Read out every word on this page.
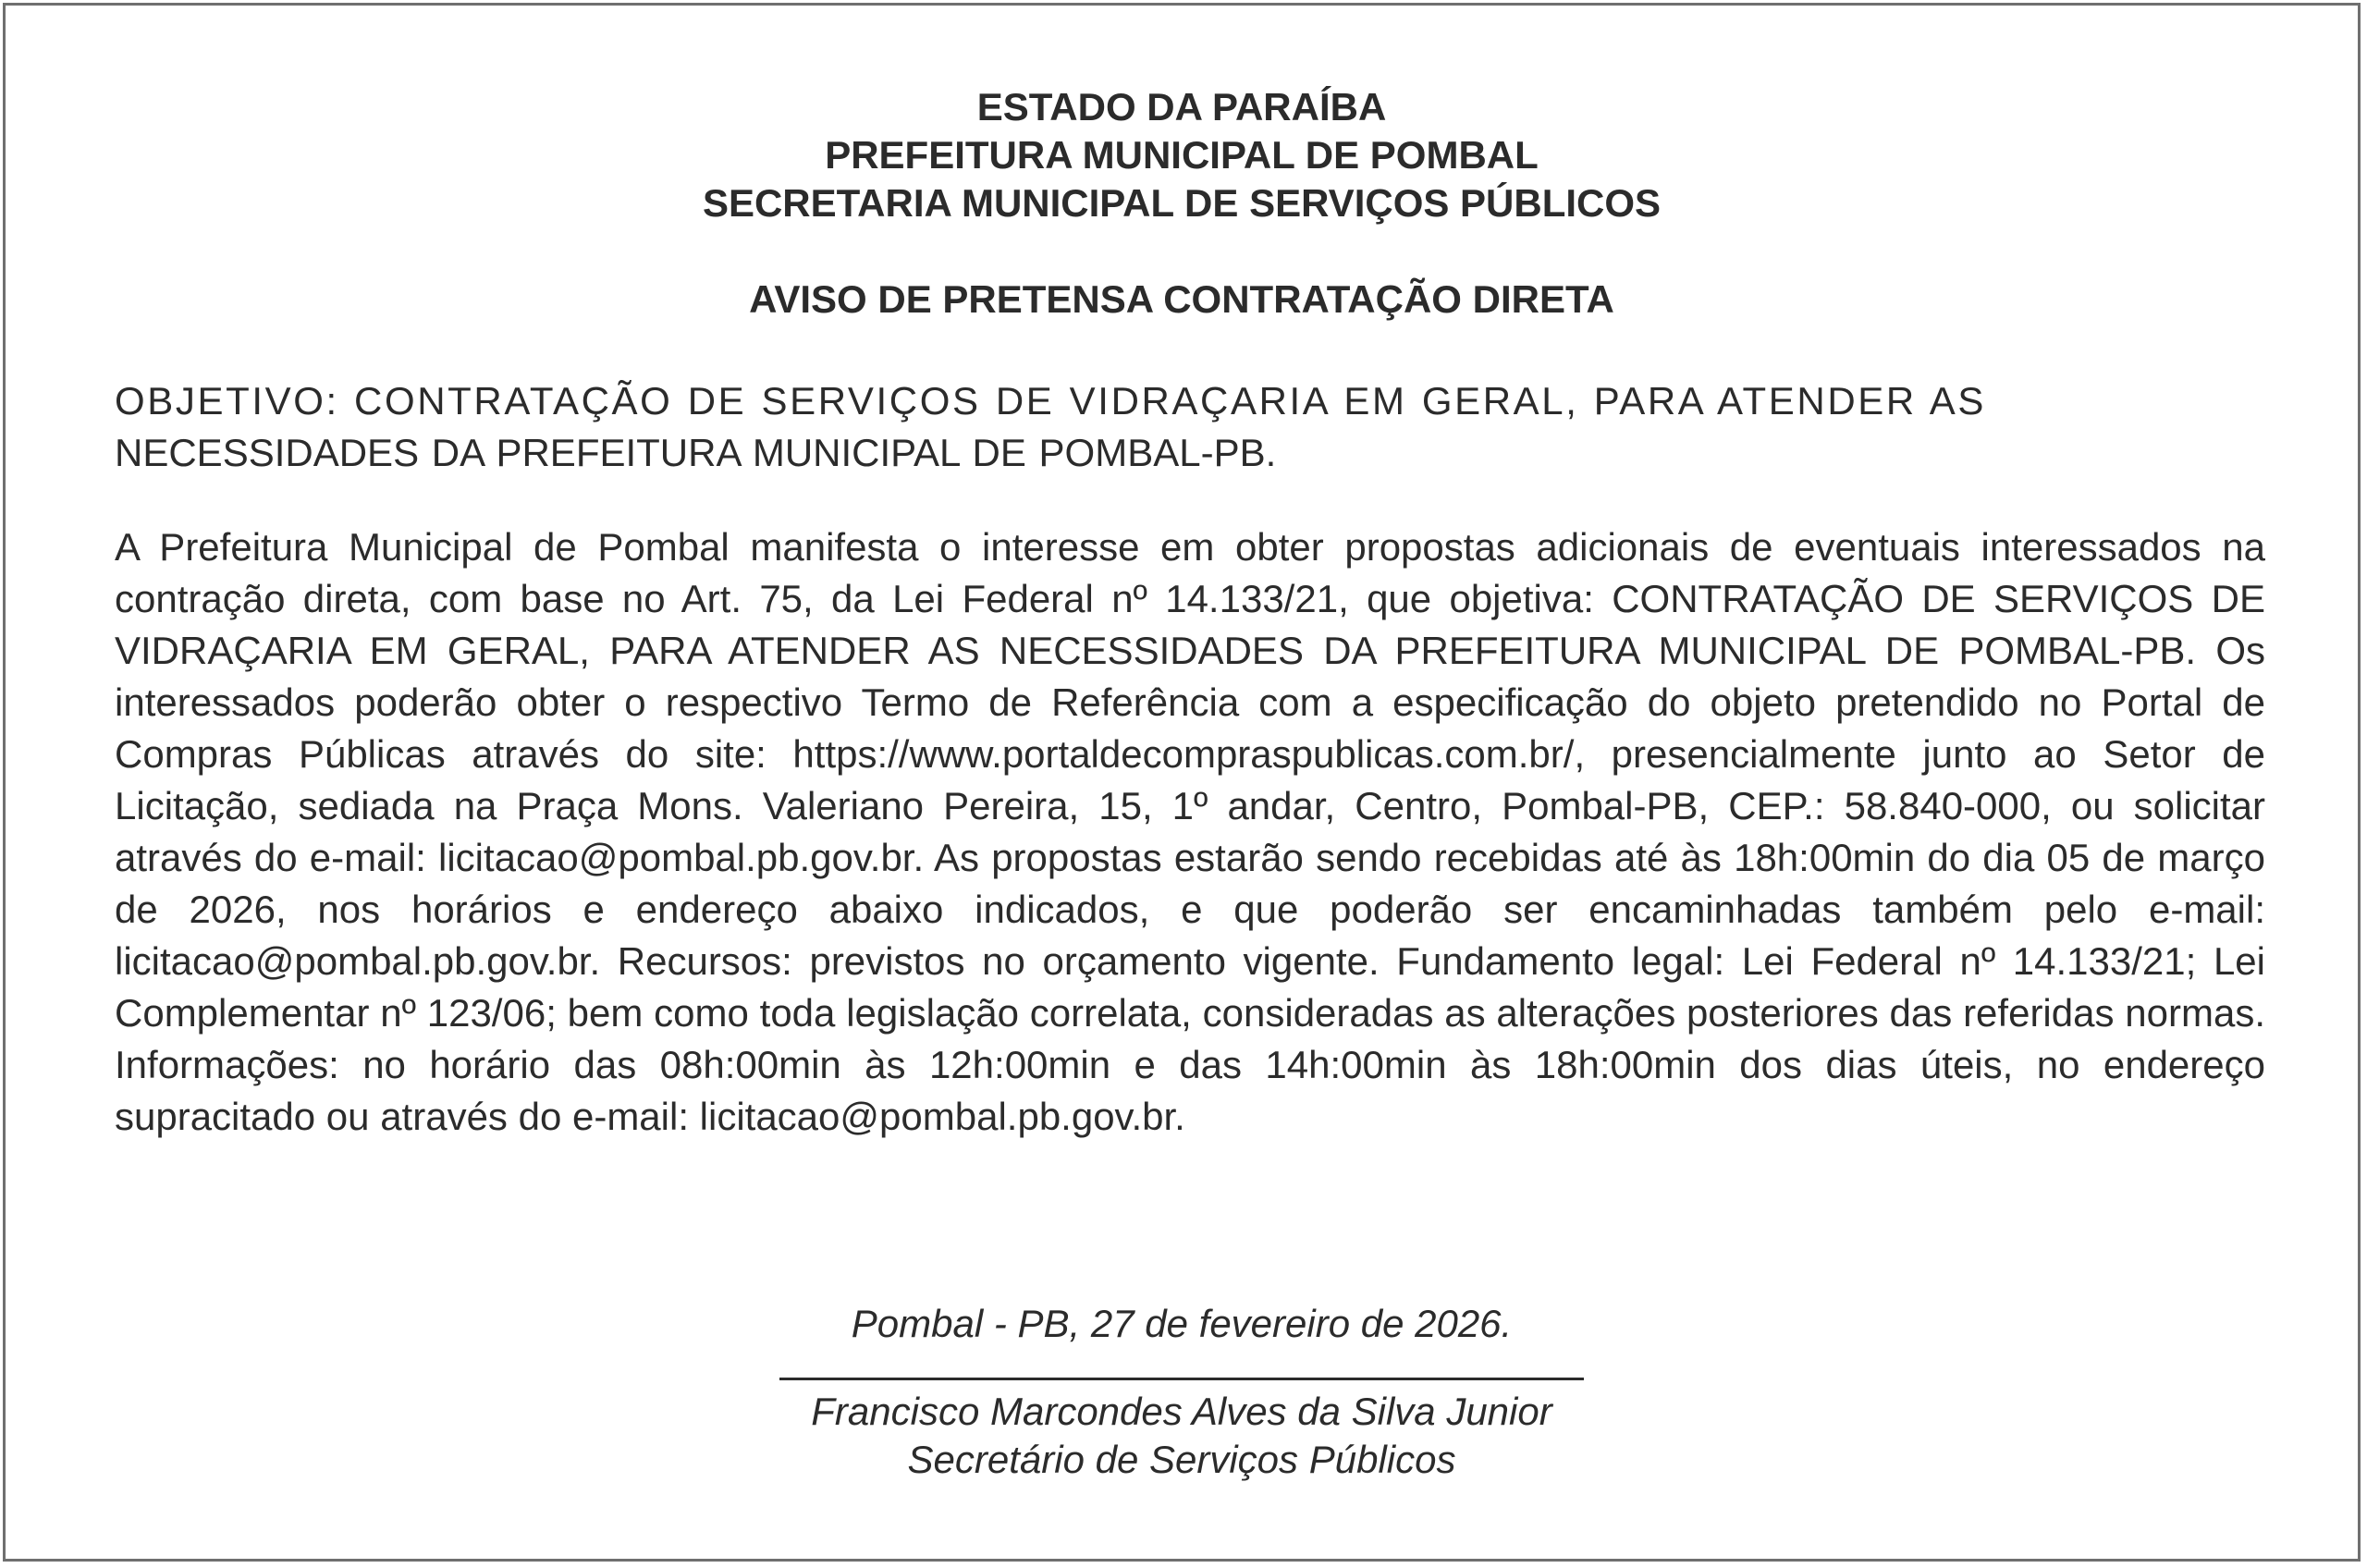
ESTADO DA PARAÍBA
PREFEITURA MUNICIPAL DE POMBAL
SECRETARIA MUNICIPAL DE SERVIÇOS PÚBLICOS
AVISO DE PRETENSA CONTRATAÇÃO DIRETA
OBJETIVO: CONTRATAÇÃO DE SERVIÇOS DE VIDRAÇARIA EM GERAL, PARA ATENDER AS
NECESSIDADES DA PREFEITURA MUNICIPAL DE POMBAL-PB.
A Prefeitura Municipal de Pombal manifesta o interesse em obter propostas adicionais de eventuais interessados na contração direta, com base no Art. 75, da Lei Federal nº 14.133/21, que objetiva: CONTRATAÇÃO DE SERVIÇOS DE VIDRAÇARIA EM GERAL, PARA ATENDER AS NECESSIDADES DA PREFEITURA MUNICIPAL DE POMBAL-PB. Os interessados poderão obter o respectivo Termo de Referência com a especificação do objeto pretendido no Portal de Compras Públicas através do site: https://www.portaldecompraspublicas.com.br/, presencialmente junto ao Setor de Licitação, sediada na Praça Mons. Valeriano Pereira, 15, 1º andar, Centro, Pombal-PB, CEP.: 58.840-000, ou solicitar através do e-mail: licitacao@pombal.pb.gov.br. As propostas estarão sendo recebidas até às 18h:00min do dia 05 de março de 2026, nos horários e endereço abaixo indicados, e que poderão ser encaminhadas também pelo e-mail: licitacao@pombal.pb.gov.br. Recursos: previstos no orçamento vigente. Fundamento legal: Lei Federal nº 14.133/21; Lei Complementar nº 123/06; bem como toda legislação correlata, consideradas as alterações posteriores das referidas normas. Informações: no horário das 08h:00min às 12h:00min e das 14h:00min às 18h:00min dos dias úteis, no endereço supracitado ou através do e-mail: licitacao@pombal.pb.gov.br.
Pombal - PB, 27 de fevereiro de 2026.
Francisco Marcondes Alves da Silva Junior
Secretário de Serviços Públicos
